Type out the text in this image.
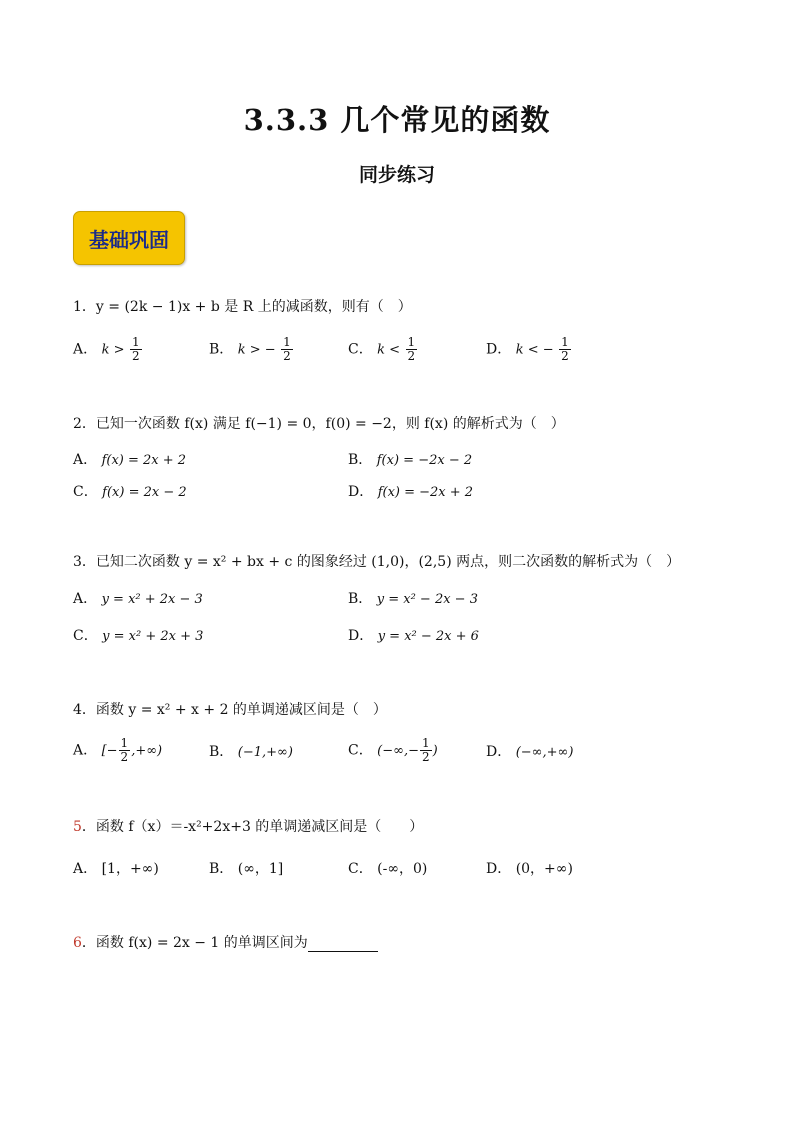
3.3.3 几个常见的函数
同步练习
基础巩固
1．y = (2k − 1)x + b 是 R 上的减函数，则有（　）
A． $k > \frac{1}{2}$	B． k > − $\frac{1}{2}$	C． $k < \frac{1}{2}$	D． k < − $\frac{1}{2}$
2．已知一次函数 f(x) 满足 f(−1) = 0，f(0) = −2，则 f(x) 的解析式为（　）
A． f(x) = 2x + 2	B． f(x) = −2x − 2
C． f(x) = 2x − 2	D． f(x) = −2x + 2
3．已知二次函数 y = x² + bx + c 的图象经过 (1,0)，(2,5) 两点，则二次函数的解析式为（　）
A． y = x² + 2x − 3	B． y = x² − 2x − 3
C． y = x² + 2x + 3	D． y = x² − 2x + 6
4．函数 y = x² + x + 2 的单调递减区间是（　）
A． [− $\frac{1}{2}$ ,+∞)	B． (−1,+∞)	C． (−∞,− $\frac{1}{2}$ )	D． (−∞,+∞)
5．函数 f（x）＝-x²+2x+3 的单调递减区间是（　　）
A． [1，+∞)	B． (∞，1]	C． (-∞，0)	D． (0，+∞)
6．函数 f(x) = 2x − 1 的单调区间为
